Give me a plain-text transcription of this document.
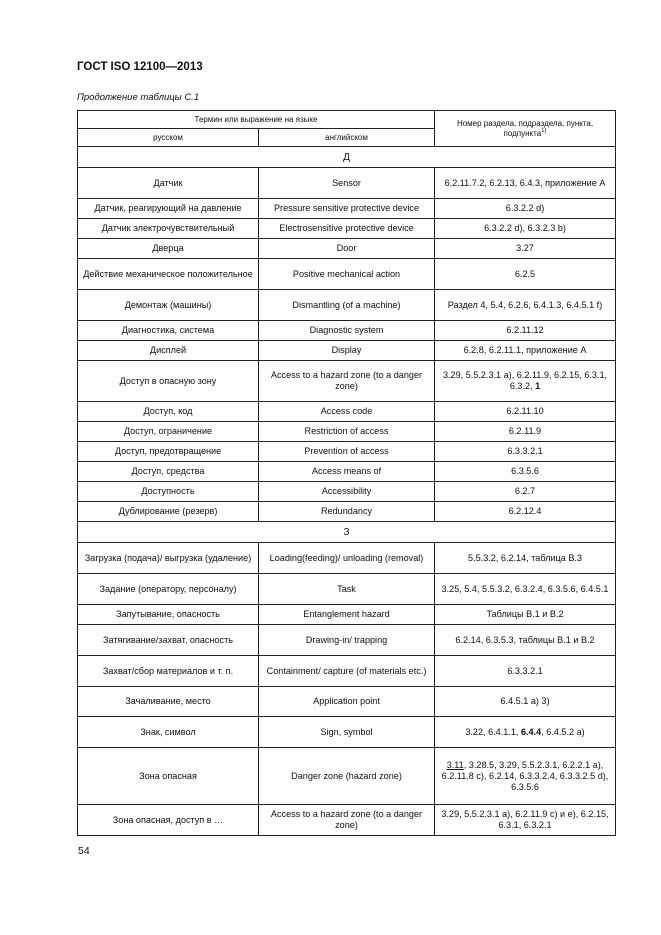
ГОСТ ISO 12100—2013
Продолжение таблицы С.1
Термин или выражение на языке		Номер раздела, подраздела, пункта, подпункта$^{1)}$
русском	английском	
Д		
Датчик	Sensor	6.2.11.7.2, 6.2.13, 6.4.3, приложение А
Датчик, реагирующий на давление	Pressure sensitive protective device	6.3.2.2 d)
Датчик электрочувствительный	Electrosensitive protective device	6.3.2.2 d), 6.3.2.3 b)
Дверца	Door	3.27
Действие механическое положительное	Positive mechanical action	6.2.5
Демонтаж (машины)	Dismantling (of a machine)	Раздел 4, 5.4, 6.2.6, 6.4.1.3, 6.4.5.1 f)
Диагностика, система	Diagnostic system	6.2.11.12
Дисплей	Display	6.2.8, 6.2.11.1, приложение А
Доступ в опасную зону	Access to a hazard zone (to a danger zone)	3.29, 5.5.2.3.1 a), 6.2.11.9, 6.2.15, 6.3.1, 6.3.2, 1
Доступ, код	Access code	6.2.11.10
Доступ, ограничение	Restriction of access	6.2.11.9
Доступ, предотвращение	Prevention of access	6.3.3.2.1
Доступ, средства	Access means of	6.3.5.6
Доступность	Accessibility	6.2.7
Дублирование (резерв)	Redundancy	6.2.12.4
З		
Загрузка (подача)/ выгрузка (удаление)	Loading(feeding)/ unloading (removal)	5.5.3.2, 6.2.14, таблица В.3
Задание (оператору, персоналу)	Task	3.25, 5.4, 5.5.3.2, 6.3.2.4, 6.3.5.6, 6.4.5.1
Запутывание, опасность	Entanglement hazard	Таблицы В.1 и В.2
Затягивание/захват, опасность	Drawing-in/ trapping	6.2.14, 6.3.5.3, таблицы В.1 и В.2
Захват/сбор материалов и т. п.	Containment/ capture (of materials etc.)	6.3.3.2.1
Зачаливание, место	Application point	6.4.5.1 a) 3)
Знак, символ	Sign, symbol	3.22, 6.4.1.1, 6.4.4, 6.4.5.2 a)
Зона опасная	Danger zone (hazard zone)	3.11, 3.28.5, 3.29, 5.5.2.3.1, 6.2.2.1 a), 6.2.11.8 c), 6.2.14, 6.3.3.2.4, 6.3.3.2.5 d), 6.3.5.6
Зона опасная, доступ в …	Access to a hazard zone (to a danger zone)	3.29, 5.5.2.3.1 a), 6.2.11.9 c) и e), 6.2.15, 6.3.1, 6.3.2.1
54
